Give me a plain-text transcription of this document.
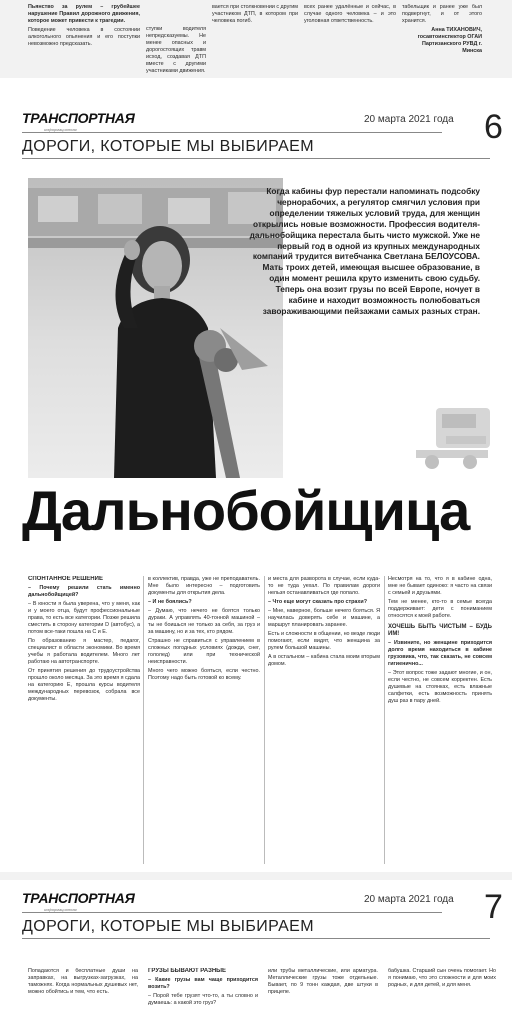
Пьянство за рулем – грубейшее нарушение Правил дорожного движения, которое может привести к трагедии.

Поведение человека в состоянии алкогольного опьянения и его поступки невозможно предсказать.

ступки водителя непредсказуемы. Не менее опасных и дорогостоящих травм исход, создавая ДТП вместе с другими участниками движения.

вается при столкновении с другим участником ДТП, в котором при человека погиб.

всех ранее удалённые и сейчас, в случае одного человека – и это уголовная ответственность.

табельщик и ранее уже был подвергнут, и от этого хранится.

Анна ТИХАНОВИЧ, госавтоинспектор ОГАИ Партизанского РУВД г. Минска

ТРАНСПОРТНАЯ
информационная
20 марта 2021 года 6
ДОРОГИ, КОТОРЫЕ МЫ ВЫБИРАЕМ
Когда кабины фур перестали напоминать подсобку чернорабочих, а регулятор смягчил условия при определении тяжелых условий труда, для женщин открылись новые возможности. Профессия водителя-дальнобойщика перестала быть чисто мужской. Уже не первый год в одной из крупных международных компаний трудится витебчанка Светлана БЕЛОУСОВА. Мать троих детей, имеющая высшее образование, в один момент решила круто изменить свою судьбу. Теперь она возит грузы по всей Европе, ночует в кабине и находит возможность полюбоваться завораживающими пейзажами самых разных стран.
Дальнобойщица

СПОНТАННОЕ РЕШЕНИЕ

– Почему решили стать именно дальнобойщицей?

– В юности я была уверена, что у меня, как и у моего отца, будут профессиональные права, то есть все категории. Позже решила сместить в сторону категории D (автобус), а потом все-таки пошла на С и Е.

По образованию я мастер, педагог, специалист в области экономики. Во время учебы я работала водителем. Много лет работаю на автотранспорте.

От принятия решения до трудоустройства прошло около месяца. За это время я сдала на категорию Е, прошла курсы водителя международных перевозок, собрала все документы.

в коллектив, правда, уже не преподаватель. Мне было интересно – подготовить документы для открытия дела.

– И не боялись?

– Думаю, что нечего не боятся только дураки. А управлять 40-тонной машиной – ты не боишься не только за себя, за груз и за машину, но и за тех, кто рядом.

Страшно не справиться с управлением в сложных погодных условиях (дожди, снег, гололед) или при технической неисправности.

Много чего можно бояться, если честно. Поэтому надо быть готовой ко всему.

и места для разворота в случае, если куда-то не туда уехал. По правилам дороги нельзя останавливаться где попало.

– Что еще могут сказать про страхи?

– Мне, наверное, больше нечего бояться. Я научилась доверять себе и машине, а маршрут планировать заранее.

Есть и сложности в общении, но везде люди помогают, если видят, что женщина за рулем большой машины.

А в остальном – кабина стала моим вторым домом.

Несмотря на то, что я в кабине одна, мне не бывает одиноко: я часто на связи с семьей и друзьями.

Тем не менее, кто-то в семье всегда поддерживает: дети с пониманием относятся к моей работе.

ХОЧЕШЬ БЫТЬ ЧИСТЫМ – БУДЬ ИМ!

– Извините, но женщине приходится долго время находиться в кабине грузовика, что, так сказать, не совсем гигиенично...

– Этот вопрос тоже задают многие, и он, если честно, не совсем корректен. Есть душевые на стоянках, есть влажные салфетки, есть возможность принять душ раз в пару дней.

ТРАНСПОРТНАЯ
информационная
20 марта 2021 года 7
ДОРОГИ, КОТОРЫЕ МЫ ВЫБИРАЕМ

Попадаются и бесплатные души на заправках, на выгрузках-загрузках, на таможнях. Когда нормальных душевых нет, можно обойтись и тем, что есть.

ГРУЗЫ БЫВАЮТ РАЗНЫЕ

– Какие грузы вам чаще приходится возить?

– Порой тебе грузят что-то, а ты словно и думаешь: а какой это груз?

или трубы металлические, или арматура. Металлические грузы тоже отдельные. Бывает, по 9 тонн каждая, две штуки в прицепе.

бабушка. Старший сын очень помогает. Но я понимаю, что это сложности и для моих родных, и для детей, и для меня.
